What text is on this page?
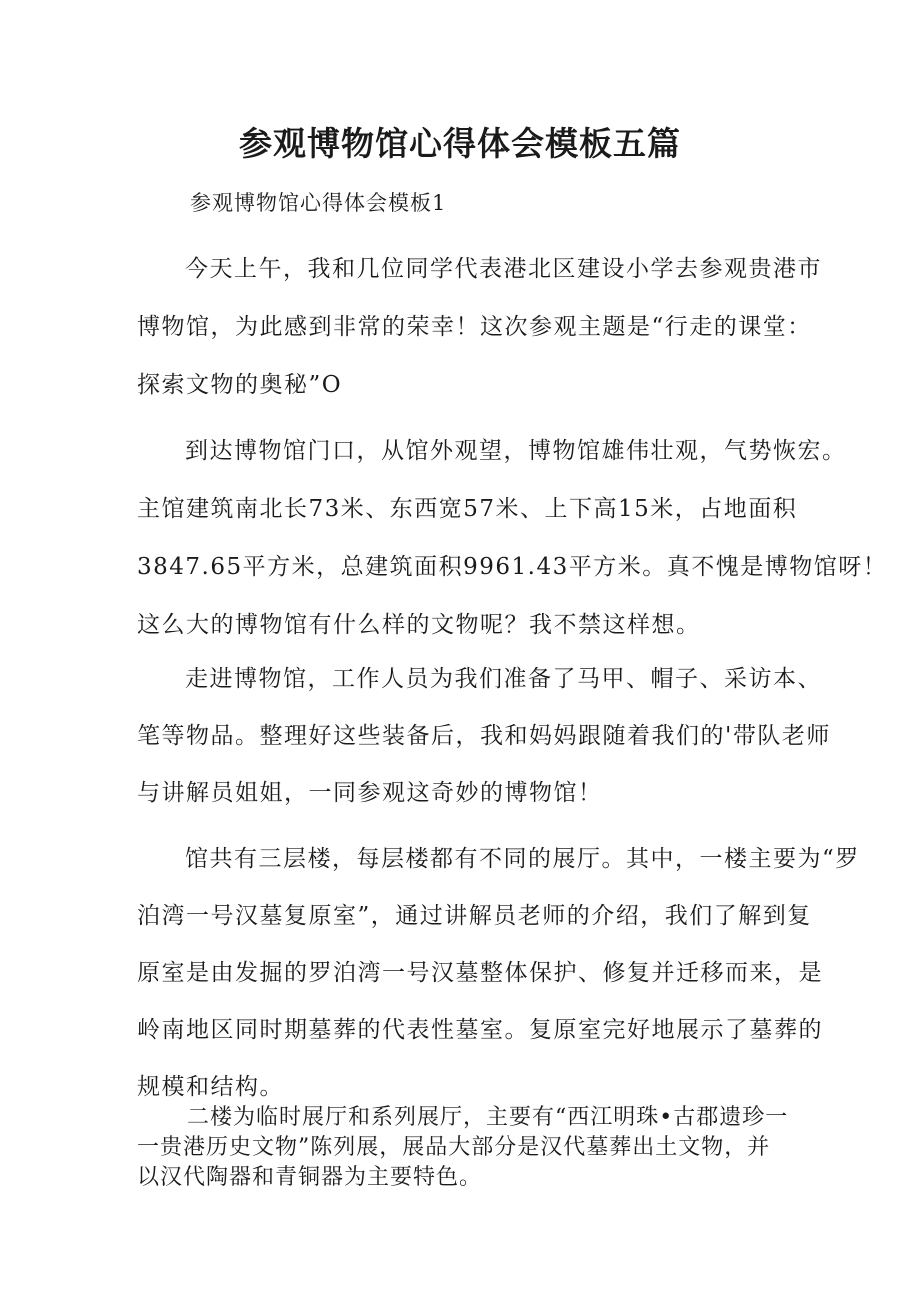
参观博物馆心得体会模板五篇

参观博物馆心得体会模板1

今天上午，我和几位同学代表港北区建设小学去参观贵港市
博物馆，为此感到非常的荣幸！这次参观主题是“行走的课堂：
探索文物的奥秘”O

到达博物馆门口，从馆外观望，博物馆雄伟壮观，气势恢宏。
主馆建筑南北长73米、东西宽57米、上下高15米，占地面积
3847.65平方米，总建筑面积9961.43平方米。真不愧是博物馆呀！
这么大的博物馆有什么样的文物呢？我不禁这样想。

走进博物馆，工作人员为我们准备了马甲、帽子、采访本、
笔等物品。整理好这些装备后，我和妈妈跟随着我们的'带队老师
与讲解员姐姐，一同参观这奇妙的博物馆！

馆共有三层楼，每层楼都有不同的展厅。其中，一楼主要为“罗
泊湾一号汉墓复原室”，通过讲解员老师的介绍，我们了解到复
原室是由发掘的罗泊湾一号汉墓整体保护、修复并迁移而来，是
岭南地区同时期墓葬的代表性墓室。复原室完好地展示了墓葬的
规模和结构。

二楼为临时展厅和系列展厅，主要有“西江明珠•古郡遗珍一
一贵港历史文物”陈列展，展品大部分是汉代墓葬出土文物，并
以汉代陶器和青铜器为主要特色。
